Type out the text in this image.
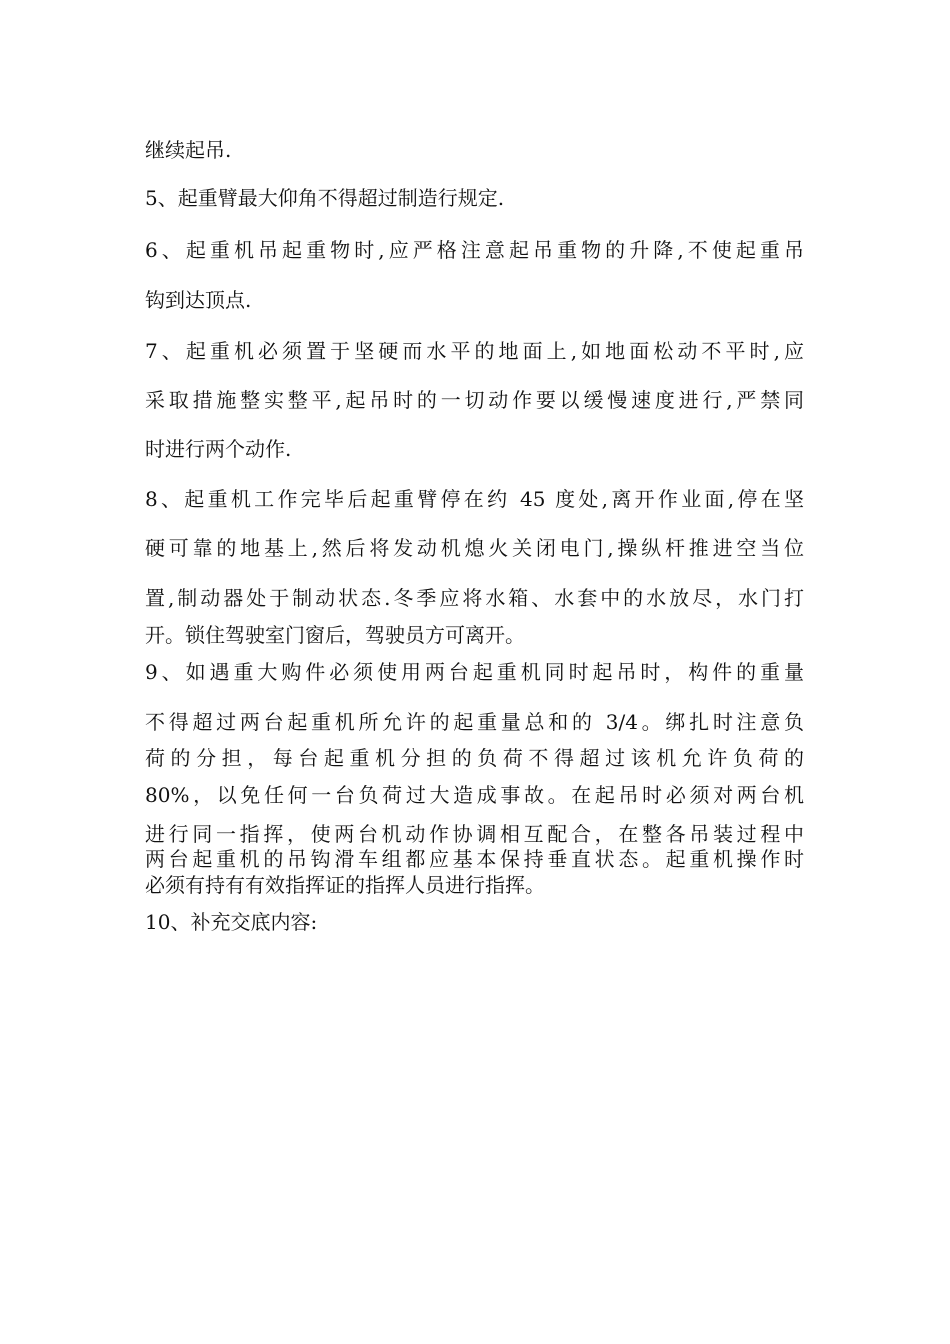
继续起吊.

5、起重臂最大仰角不得超过制造行规定.

6、起重机吊起重物时,应严格注意起吊重物的升降,不使起重吊

钩到达顶点.

7、起重机必须置于坚硬而水平的地面上,如地面松动不平时,应

采取措施整实整平,起吊时的一切动作要以缓慢速度进行,严禁同

时进行两个动作.

8、起重机工作完毕后起重臂停在约 45 度处,离开作业面,停在坚

硬可靠的地基上,然后将发动机熄火关闭电门,操纵杆推进空当位

置,制动器处于制动状态.冬季应将水箱、水套中的水放尽，水门打

开。锁住驾驶室门窗后，驾驶员方可离开。

9、如遇重大购件必须使用两台起重机同时起吊时，构件的重量

不得超过两台起重机所允许的起重量总和的 3/4。绑扎时注意负

荷的分担，每台起重机分担的负荷不得超过该机允许负荷的

80%，以免任何一台负荷过大造成事故。在起吊时必须对两台机

进行同一指挥，使两台机动作协调相互配合，在整各吊装过程中

两台起重机的吊钩滑车组都应基本保持垂直状态。起重机操作时

必须有持有有效指挥证的指挥人员进行指挥。

10、补充交底内容:
